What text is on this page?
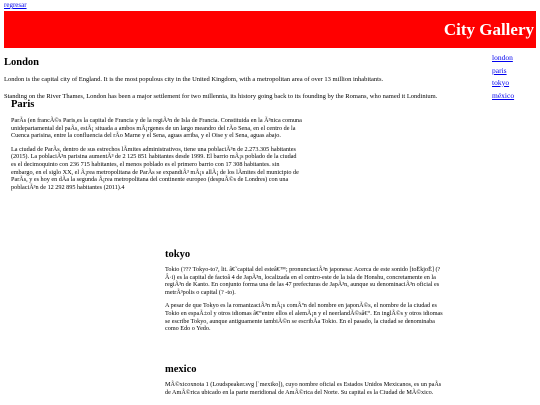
regresar
City Gallery
london
paris
tokyo
méxico
London

London is the capital city of England. It is the most populous city in the United Kingdom, with a metropolitan area of over 13 million inhabitants.

Standing on the River Thames, London has been a major settlement for two millennia, its history going back to its founding by the Romans, who named it Londinium.

Paris

ParÃs (en francÃ©s Paris,es la capital de Francia y de la regiÃ³n de Isla de Francia. Constituida en la Ã³nica comuna unidepartamental del paÃs, estÃ¡ situada a ambos mÃ¡rgenes de un largo meandro del rÃo Sena, en el centro de la Cuenca parisina, entre la confluencia del rÃo Marne y el Sena, aguas arriba, y el Oise y el Sena, aguas abajo.

La ciudad de ParÃs, dentro de sus estrechos lÃmites administrativos, tiene una poblaciÃ³n de 2.273.305 habitantes (2015). La poblaciÃ³n parisina aumentÃ³ de 2 125 851 habitantes desde 1999. El barrio mÃ¡s poblado de la ciudad es el decimoquinto con 236 715 habitantes, el menos poblado es el primero barrio con 17 308 habitantes. sin embargo, en el siglo XX, el Ã¡rea metropolitana de ParÃs se expandiÃ³ mÃ¡s allÃ¡ de los lÃmites del municipio de ParÃs, y es hoy en dÃa la segunda Ã¡rea metropolitana del continente europeo (despuÃ©s de Londres) con una poblaciÃ³n de 12 292 895 habitantes (2011).4

tokyo

Tokio (??? Tokyo-to?, lit. â€˜capital del esteâ€™; pronunciaciÃ³n japonesa: Acerca de este sonido [toËkjoË] (?Â·i) es la capital de factoâ 4 de JapÃ³n, localizada en el centro-este de la isla de Honshu, concretamente en la regiÃ³n de Kanto. En conjunto forma una de las 47 prefecturas de JapÃ³n, aunque su denominaciÃ³n oficial es metrÃ³polis o capital (? -to).

A pesar de que Tokyo es la romanizaciÃ³n mÃ¡s comÃºn del nombre en japonÃ©s, el nombre de la ciudad es Tokio en espaÃ±ol y otros idiomas â€“entre ellos el alemÃ¡n y el neerlandÃ©sâ€“. En inglÃ©s y otros idiomas se escribe Tokyo, aunque antiguamente tambiÃ©n se escribÃa Tokio. En el pasado, la ciudad se denominaba como Edo o Yedo.

mexico

MÃ©xicoxnota 1 (Loudspeaker.svg [ˈmexiko]), cuyo nombre oficial es Estados Unidos Mexicanos, es un paÃs de AmÃ©rica ubicado en la parte meridional de AmÃ©rica del Norte. Su capital es la Ciudad de MÃ©xico.
